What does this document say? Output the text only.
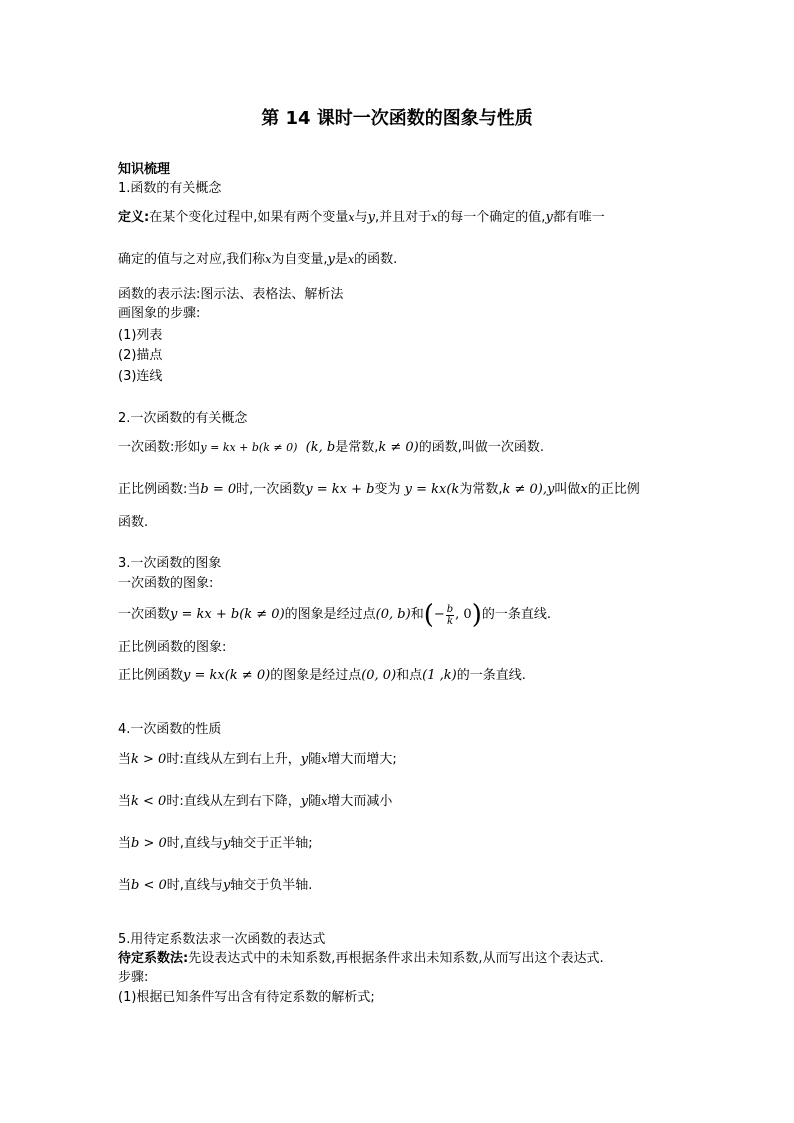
第 14 课时一次函数的图象与性质
知识梳理
1.函数的有关概念
定义:在某个变化过程中,如果有两个变量x与y,并且对于x的每一个确定的值,y都有唯一
确定的值与之对应,我们称x为自变量,y是x的函数.
函数的表示法:图示法、表格法、解析法
画图象的步骤:
(1)列表
(2)描点
(3)连线
2.一次函数的有关概念
一次函数:形如y = kx + b(k ≠ 0) (k, b是常数,k ≠ 0)的函数,叫做一次函数.
正比例函数:当b = 0时,一次函数y = kx + b变为 y = kx(k为常数,k ≠ 0),y叫做x的正比例
函数.
3.一次函数的图象
一次函数的图象:
一次函数 y = kx + b(k ≠ 0) 的图象是经过点 (0, b) 和 ( − $\frac{b}{k}$ , 0 ) 的一条直线.
正比例函数的图象:
正比例函数y = kx(k ≠ 0)的图象是经过点(0, 0)和点(1 ,k)的一条直线.
4.一次函数的性质
当k > 0时:直线从左到右上升，y随x增大而增大;
当k < 0时:直线从左到右下降，y随x增大而减小
当b > 0时,直线与y轴交于正半轴;
当b < 0时,直线与y轴交于负半轴.
5.用待定系数法求一次函数的表达式
待定系数法:先设表达式中的未知系数,再根据条件求出未知系数,从而写出这个表达式.
步骤:
(1)根据已知条件写出含有待定系数的解析式;
